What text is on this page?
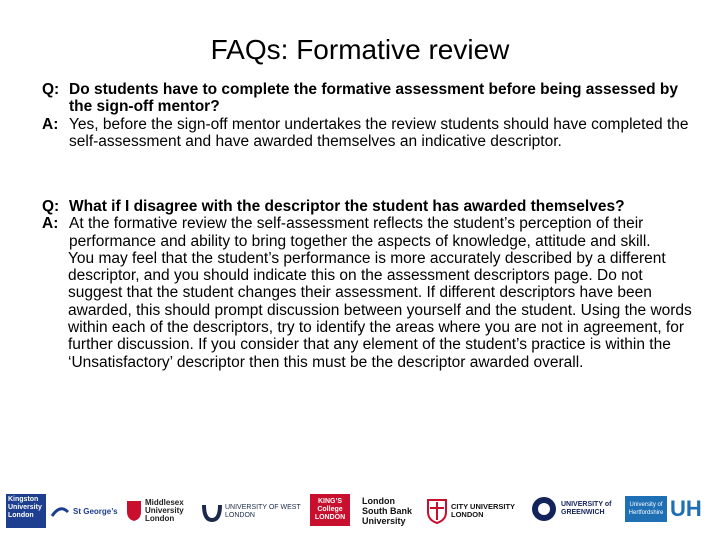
FAQs: Formative review
Q: Do students have to complete the formative assessment before being assessed by the sign-off mentor?
A: Yes, before the sign-off mentor undertakes the review students should have completed the self-assessment and have awarded themselves an indicative descriptor.
Q: What if I disagree with the descriptor the student has awarded themselves?
A: At the formative review the self-assessment reflects the student’s perception of their performance and ability to bring together the aspects of knowledge, attitude and skill.
You may feel that the student’s performance is more accurately described by a different descriptor, and you should indicate this on the assessment descriptors page. Do not suggest that the student changes their assessment. If different descriptors have been awarded, this should prompt discussion between yourself and the student. Using the words within each of the descriptors, try to identify the areas where you are not in agreement, for further discussion. If you consider that any element of the student’s practice is within the ‘Unsatisfactory’ descriptor then this must be the descriptor awarded overall.
Kingston University London	St George’s
Middlesex University London
UNIVERSITY OF WEST LONDON
KING’S College LONDON
London South Bank University
CITY UNIVERSITY LONDON
UNIVERSITY of GREENWICH
University of Hertfordshire UH
